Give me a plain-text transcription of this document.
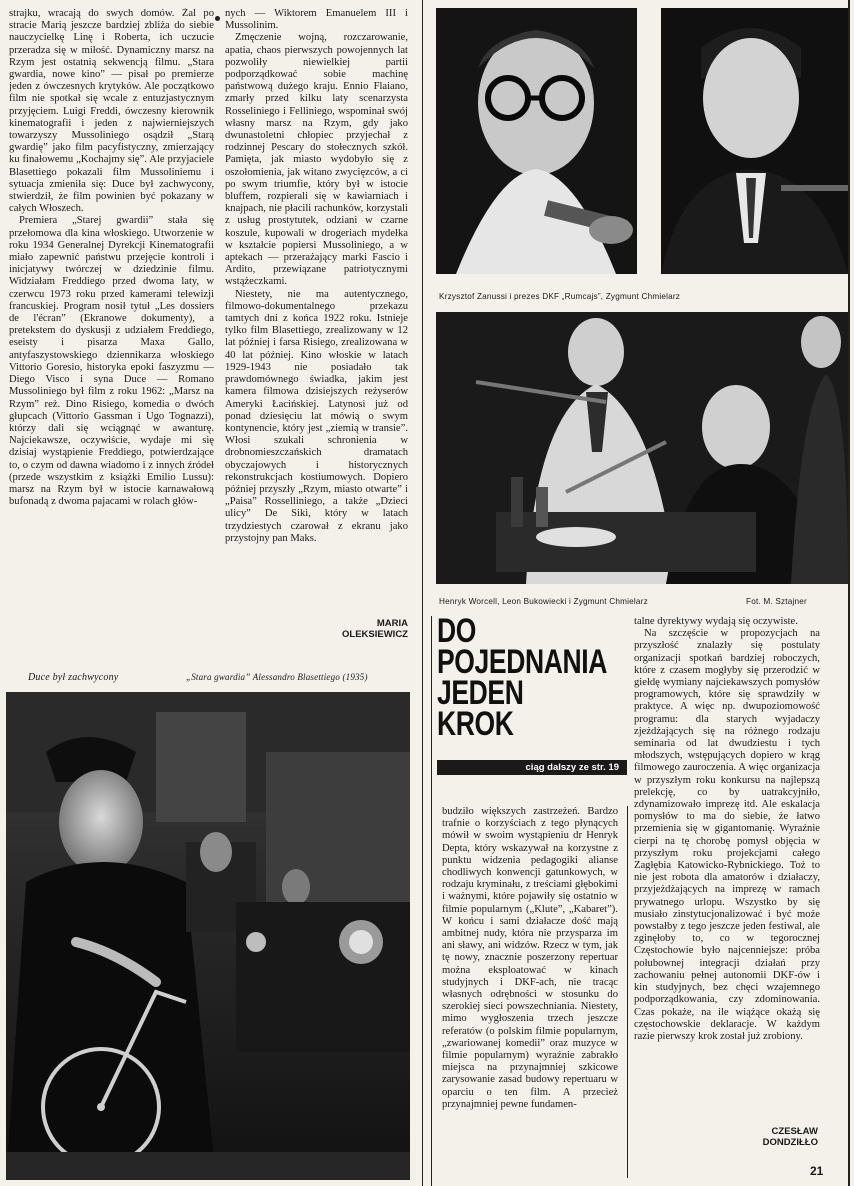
strajku, wracają do swych domów. Żal po stracie Marią jeszcze bardziej zbliża do siebie nauczycielkę Linę i Roberta, ich uczucie przeradza się w miłość. Dynamiczny marsz na Rzym jest ostatnią sekwencją filmu. „Stara gwardia, nowe kino” — pisał po premierze jeden z ówczesnych krytyków. Ale początkowo film nie spotkał się wcale z entuzjastycznym przyjęciem. Luigi Freddi, ówczesny kierownik kinematografii i jeden z najwierniejszych towarzyszy Mussoliniego osądził „Starą gwardię” jako film pacyfistyczny, zmierzający ku finałowemu „Kochajmy się”. Ale przyjaciele Blasettiego pokazali film Mussoliniemu i sytuacja zmieniła się: Duce był zachwycony, stwierdził, że film powinien być pokazany w całych Włoszech.

Premiera „Starej gwardii” stała się przełomowa dla kina włoskiego. Utworzenie w roku 1934 Generalnej Dyrekcji Kinematografii miało zapewnić państwu przejęcie kontroli i inicjatywy twórczej w dziedzinie filmu. Widziałam Freddiego przed dwoma laty, w czerwcu 1973 roku przed kamerami telewizji francuskiej. Program nosił tytuł „Les dossiers de l'écran” (Ekranowe dokumenty), a pretekstem do dyskusji z udziałem Freddiego, eseisty i pisarza Maxa Gallo, antyfaszystowskiego dziennikarza włoskiego Vittorio Goresio, historyka epoki faszyzmu — Diego Visco i syna Duce — Romano Mussoliniego był film z roku 1962: „Marsz na Rzym” reż. Dino Risiego, komedia o dwóch głupcach (Vittorio Gassman i Ugo Tognazzi), którzy dali się wciągnąć w awanturę. Najciekawsze, oczywiście, wydaje mi się dzisiaj wystąpienie Freddiego, potwierdzające to, o czym od dawna wiadomo i z innych źródeł (przede wszystkim z książki Emilio Lussu): marsz na Rzym był w istocie karnawałową bufonadą z dwoma pajacami w rolach głów-

nych — Wiktorem Emanuelem III i Mussolinim.

Zmęczenie wojną, rozczarowanie, apatia, chaos pierwszych powojennych lat pozwoliły niewielkiej partii podporządkować sobie machinę państwową dużego kraju. Ennio Flaiano, zmarły przed kilku laty scenarzysta Rosseliniego i Felliniego, wspominał swój własny marsz na Rzym, gdy jako dwunastoletni chłopiec przyjechał z rodzinnej Pescary do stołecznych szkół. Pamięta, jak miasto wydobyło się z oszołomienia, jak witano zwycięzców, a ci po swym triumfie, który był w istocie bluffem, rozpierali się w kawiarniach i knajpach, nie płacili rachunków, korzystali z usług prostytutek, odziani w czarne koszule, kupowali w drogeriach mydełka w kształcie popiersi Mussoliniego, a w aptekach — przerażający marki Fascio i Ardito, przewiązane patriotycznymi wstążeczkami.

Niestety, nie ma autentycznego, filmowo-dokumentalnego przekazu tamtych dni z końca 1922 roku. Istnieje tylko film Blasettiego, zrealizowany w 12 lat później i farsa Risiego, zrealizowana w 40 lat później. Kino włoskie w latach 1929-1943 nie posiadało tak prawdomównego świadka, jakim jest kamera filmowa dzisiejszych reżyserów Ameryki Łacińskiej. Latynosi już od ponad dziesięciu lat mówią o swym kontynencie, który jest „ziemią w transie”. Włosi szukali schronienia w drobnomieszczańskich dramatach obyczajowych i historycznych rekonstrukcjach kostiumowych. Dopiero później przyszły „Rzym, miasto otwarte” i „Paisa” Rosselliniego, a także „Dzieci ulicy” De Siki, który w latach trzydziestych czarował z ekranu jako przystojny pan Maks.

MARIA
OLEKSIEWICZ
Duce był zachwycony	„Stara gwardia” Alessandro Blasettiego (1935)
Krzysztof Zanussi i prezes DKF „Rumcajs”, Zygmunt Chmielarz
Henryk Worcell, Leon Bukowiecki i Zygmunt Chmielarz	Fot. M. Sztajner
DO
POJEDNANIA
JEDEN
KROK
ciąg dalszy ze str. 19

budziło większych zastrzeżeń. Bardzo trafnie o korzyściach z tego płynących mówił w swoim wystąpieniu dr Henryk Depta, który wskazywał na korzystne z punktu widzenia pedagogiki alianse chodliwych konwencji gatunkowych, w rodzaju kryminału, z treściami głębokimi i ważnymi, które pojawiły się ostatnio w filmie popularnym („Klute”, „Kabaret”). W końcu i sami działacze dość mają ambitnej nudy, która nie przysparza im ani sławy, ani widzów. Rzecz w tym, jak tę nowy, znacznie poszerzony repertuar można eksploatować w kinach studyjnych i DKF-ach, nie tracąc własnych odrębności w stosunku do szerokiej sieci powszechniania. Niestety, mimo wygłoszenia trzech jeszcze referatów (o polskim filmie popularnym, „zwariowanej komedii” oraz muzyce w filmie popularnym) wyraźnie zabrakło miejsca na przynajmniej szkicowe zarysowanie zasad budowy repertuaru w oparciu o ten film. A przecież przynajmniej pewne fundamen-

talne dyrektywy wydają się oczywiste.

Na szczęście w propozycjach na przyszłość znalazły się postulaty organizacji spotkań bardziej roboczych, które z czasem mogłyby się przerodzić w giełdę wymiany najciekawszych pomysłów programowych, które się sprawdziły w praktyce. A więc np. dwupoziomowość programu: dla starych wyjadaczy zjeżdżających się na różnego rodzaju seminaria od lat dwudziestu i tych młodszych, wstępujących dopiero w krąg filmowego zauroczenia. A więc organizacja w przyszłym roku konkursu na najlepszą prelekcję, co by uatrakcyjniło, zdynamizowało imprezę itd. Ale eskalacja pomysłów to ma do siebie, że łatwo przemienia się w gigantomanię. Wyraźnie cierpi na tę chorobę pomysł objęcia w przyszłym roku projekcjami całego Zagłębia Katowicko-Rybnickiego. Toż to nie jest robota dla amatorów i działaczy, przyjeżdżających na imprezę w ramach prywatnego urlopu. Wszystko by się musiało zinstytucjonalizować i być może powstałby z tego jeszcze jeden festiwal, ale zginęłoby to, co w tegorocznej Częstochowie było najcenniejsze: próba połubownej integracji działań przy zachowaniu pełnej autonomii DKF-ów i kin studyjnych, bez chęci wzajemnego podporządkowania, czy zdominowania. Czas pokaże, na ile wiążące okażą się częstochowskie deklaracje. W każdym razie pierwszy krok został już zrobiony.

CZESŁAW
DONDZIŁŁO
21
